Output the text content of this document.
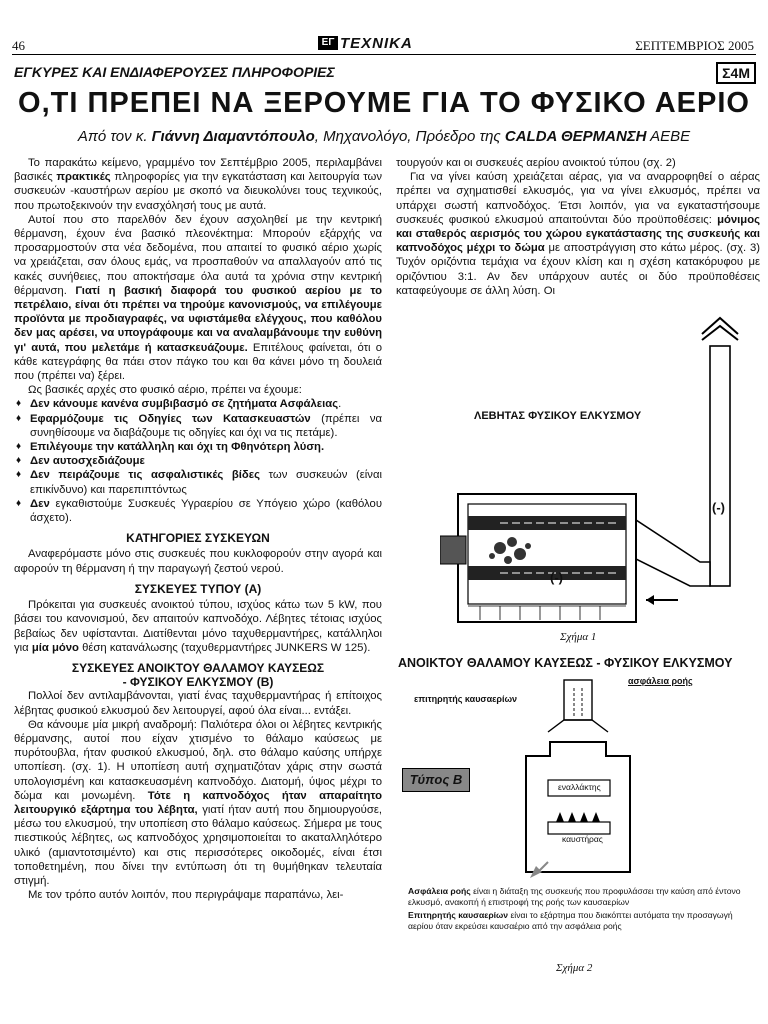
46	ΕΓ TEXNIKA	ΣΕΠΤΕΜΒΡΙΟΣ 2005
ΕΓΚΥΡΕΣ ΚΑΙ ΕΝΔΙΑΦΕΡΟΥΣΕΣ ΠΛΗΡΟΦΟΡΙΕΣ	Σ4Μ
Ο,ΤΙ ΠΡΕΠΕΙ ΝΑ ΞΕΡΟΥΜΕ ΓΙΑ ΤΟ ΦΥΣΙΚΟ ΑΕΡΙΟ
Από τον κ. Γιάννη Διαμαντόπουλο, Μηχανολόγο, Πρόεδρο της CALDA ΘΕΡΜΑΝΣΗ ΑΕΒΕ

Το παρακάτω κείμενο, γραμμένο τον Σεπτέμβριο 2005, περιλαμβάνει βασικές πρακτικές πληροφορίες για την εγκατάσταση και λειτουργία των συσκευών -καυστήρων αερίου με σκοπό να διευκολύνει τους τεχνικούς, που πρωτοξεκινούν την ενασχόλησή τους με αυτά.

Αυτοί που στο παρελθόν δεν έχουν ασχοληθεί με την κεντρική θέρμανση, έχουν ένα βασικό πλεονέκτημα: Μπορούν εξάρχής να προσαρμοστούν στα νέα δεδομένα, που απαιτεί το φυσικό αέριο χωρίς να χρειάζεται, σαν όλους εμάς, να προσπαθούν να απαλλαγούν από τις κακές συνήθειες, που αποκτήσαμε όλα αυτά τα χρόνια στην κεντρική θέρμανση. Γιατί η βασική διαφορά του φυσικού αερίου με το πετρέλαιο, είναι ότι πρέπει να τηρούμε κανονισμούς, να επιλέγουμε προϊόντα με προδιαγραφές, να υφιστάμεθα ελέγχους, που καθόλου δεν μας αρέσει, να υπογράφουμε και να αναλαμβάνουμε την ευθύνη γι' αυτά, που μελετάμε ή κατασκευάζουμε. Επιτέλους φαίνεται, ότι ο κάθε κατεγράφης θα πάει στον πάγκο του και θα κάνει μόνο τη δουλειά που (πρέπει να) ξέρει.

Ως βασικές αρχές στο φυσικό αέριο, πρέπει να έχουμε:

♦ Δεν κάνουμε κανένα συμβιβασμό σε ζητήματα Ασφάλειας.
♦ Εφαρμόζουμε τις Οδηγίες των Κατασκευαστών (πρέπει να συνηθίσουμε να διαβάζουμε τις οδηγίες και όχι να τις πετάμε).
♦ Επιλέγουμε την κατάλληλη και όχι τη Φθηνότερη λύση.
♦ Δεν αυτοσχεδιάζουμε
♦ Δεν πειράζουμε τις ασφαλιστικές βίδες των συσκευών (είναι επικίνδυνο) και παρεπιπτόντως
♦ Δεν εγκαθιστούμε Συσκευές Υγραερίου σε Υπόγειο χώρο (καθόλου άσχετο).
ΚΑΤΗΓΟΡΙΕΣ ΣΥΣΚΕΥΩΝ

Αναφερόμαστε μόνο στις συσκευές που κυκλοφορούν στην αγορά και αφορούν τη θέρμανση ή την παραγωγή ζεστού νερού.

ΣΥΣΚΕΥΕΣ ΤΥΠΟΥ (Α)

Πρόκειται για συσκευές ανοικτού τύπου, ισχύος κάτω των 5 kW, που βάσει του κανονισμού, δεν απαιτούν καπνοδόχο. Λέβητες τέτοιας ισχύος βεβαίως δεν υφίστανται. Διατίθενται μόνο ταχυθερμαντήρες, κατάλληλοι για μία μόνο θέση κατανάλωσης (ταχυθερμαντήρες JUNKERS W 125).

ΣΥΣΚΕΥΕΣ ΑΝΟΙΚΤΟΥ ΘΑΛΑΜΟΥ ΚΑΥΣΕΩΣ
- ΦΥΣΙΚΟΥ ΕΛΚΥΣΜΟΥ (Β)

Πολλοί δεν αντιλαμβάνονται, γιατί ένας ταχυθερμαντήρας ή επίτοιχος λέβητας φυσικού ελκυσμού δεν λειτουργεί, αφού όλα είναι... εντάξει.

Θα κάνουμε μία μικρή αναδρομή: Παλιότερα όλοι οι λέβητες κεντρικής θέρμανσης, αυτοί που είχαν χτισμένο το θάλαμο καύσεως με πυρότουβλα, ήταν φυσικού ελκυσμού, δηλ. στο θάλαμο καύσης υπήρχε υποπίεση. (σχ. 1). Η υποπίεση αυτή σχηματιζόταν χάρις στην σωστά υπολογισμένη και κατασκευασμένη καπνοδόχο. Διατομή, ύψος μέχρι το δώμα και μονωμένη. Τότε η καπνοδόχος ήταν απαραίτητο λειτουργικό εξάρτημα του λέβητα, γιατί ήταν αυτή που δημιουργούσε, μέσω του ελκυσμού, την υποπίεση στο θάλαμο καύσεως. Σήμερα με τους πιεστικούς λέβητες, ως καπνοδόχος χρησιμοποιείται το ακαταλληλότερο υλικό (αμιαντοτσιμέντο) και στις περισσότερες οικοδομές, είναι έτσι τοποθετημένη, που δίνει την εντύπωση ότι τη θυμήθηκαν τελευταία στιγμή.

Με τον τρόπο αυτόν λοιπόν, που περιγράψαμε παραπάνω, λει-

τουργούν και οι συσκευές αερίου ανοικτού τύπου (σχ. 2)

Για να γίνει καύση χρειάζεται αέρας, για να αναρροφηθεί ο αέρας πρέπει να σχηματισθεί ελκυσμός, για να γίνει ελκυσμός, πρέπει να υπάρχει σωστή καπνοδόχος. Έτσι λοιπόν, για να εγκαταστήσουμε συσκευές φυσικού ελκυσμού απαιτούνται δύο προϋποθέσεις: μόνιμος και σταθερός αερισμός του χώρου εγκατάστασης της συσκευής και καπνοδόχος μέχρι το δώμα με αποστράγγιση στο κάτω μέρος. (σχ. 3) Τυχόν οριζόντια τεμάχια να έχουν κλίση και η σχέση κατακόρυφου με οριζόντιου 3:1. Αν δεν υπάρχουν αυτές οι δύο προϋποθέσεις καταφεύγουμε σε άλλη λύση. Οι

ΛΕΒΗΤΑΣ ΦΥΣΙΚΟΥ ΕΛΚΥΣΜΟΥ
(-)
(-)
Σχήμα 1
ΑΝΟΙΚΤΟΥ ΘΑΛΑΜΟΥ ΚΑΥΣΕΩΣ - ΦΥΣΙΚΟΥ ΕΛΚΥΣΜΟΥ
ασφάλεια ροής
επιτηρητής καυσαερίων
Τύπος Β	εναλλάκτης
καυστήρας
Ασφάλεια ροής είναι η διάταξη της συσκευής που προφυλάσσει την καύση από έντονο ελκυσμό, ανακοπή ή επιστροφή της ροής των καυσαερίων
Επιτηρητής καυσαερίων είναι το εξάρτημα που διακόπτει αυτόματα την προσαγωγή αερίου όταν εκρεύσει καυσαέριο από την ασφάλεια ροής
Σχήμα 2
